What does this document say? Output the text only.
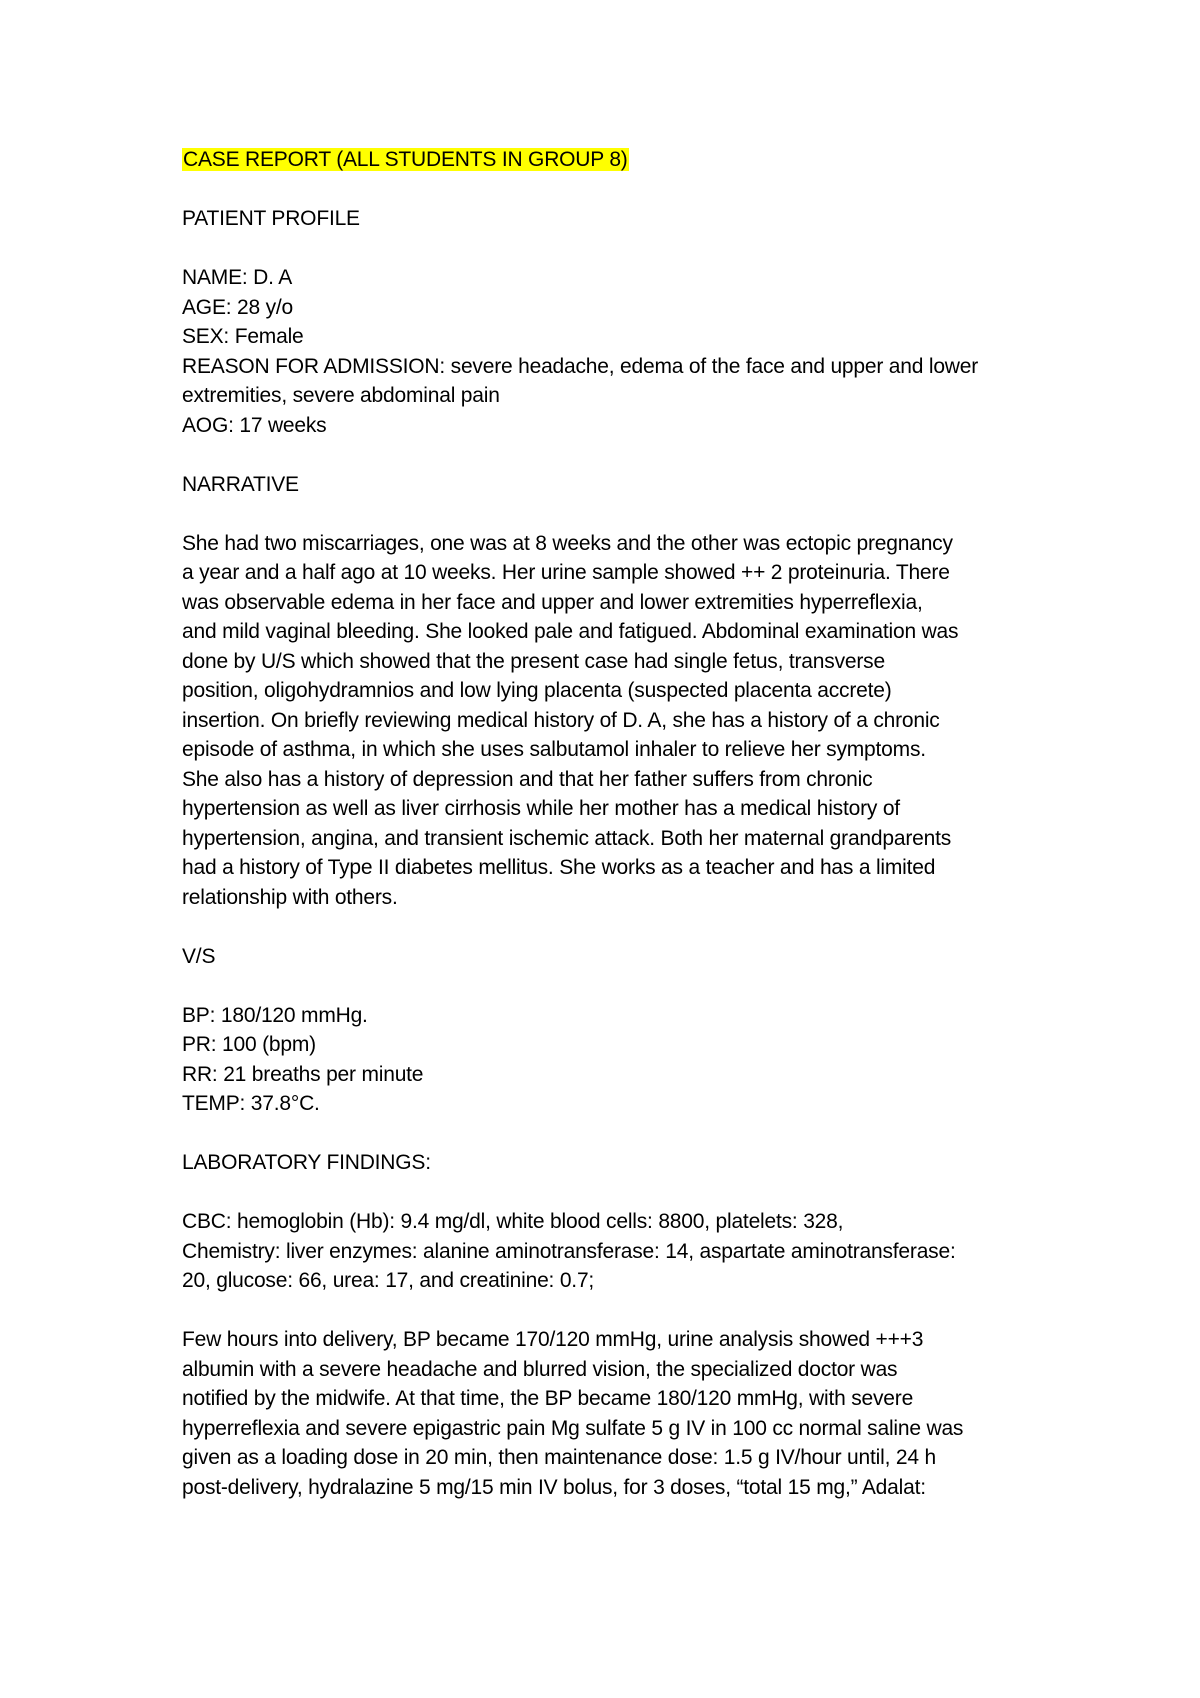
CASE REPORT (ALL STUDENTS IN GROUP 8)
PATIENT PROFILE
NAME: D. A
AGE: 28 y/o
SEX: Female
REASON FOR ADMISSION: severe headache, edema of the face and upper and lower
extremities, severe abdominal pain
AOG: 17 weeks
NARRATIVE
She had two miscarriages, one was at 8 weeks and the other was ectopic pregnancy
a year and a half ago at 10 weeks. Her urine sample showed ++ 2 proteinuria. There
was observable edema in her face and upper and lower extremities hyperreflexia,
and mild vaginal bleeding. She looked pale and fatigued. Abdominal examination was
done by U/S which showed that the present case had single fetus, transverse
position, oligohydramnios and low lying placenta (suspected placenta accrete)
insertion. On briefly reviewing medical history of D. A, she has a history of a chronic
episode of asthma, in which she uses salbutamol inhaler to relieve her symptoms.
She also has a history of depression and that her father suffers from chronic
hypertension as well as liver cirrhosis while her mother has a medical history of
hypertension, angina, and transient ischemic attack. Both her maternal grandparents
had a history of Type II diabetes mellitus. She works as a teacher and has a limited
relationship with others.
V/S
BP: 180/120 mmHg.
PR: 100 (bpm)
RR: 21 breaths per minute
TEMP: 37.8°C.
LABORATORY FINDINGS:
CBC: hemoglobin (Hb): 9.4 mg/dl, white blood cells: 8800, platelets: 328,
Chemistry: liver enzymes: alanine aminotransferase: 14, aspartate aminotransferase:
20, glucose: 66, urea: 17, and creatinine: 0.7;
Few hours into delivery, BP became 170/120 mmHg, urine analysis showed +++3
albumin with a severe headache and blurred vision, the specialized doctor was
notified by the midwife. At that time, the BP became 180/120 mmHg, with severe
hyperreflexia and severe epigastric pain Mg sulfate 5 g IV in 100 cc normal saline was
given as a loading dose in 20 min, then maintenance dose: 1.5 g IV/hour until, 24 h
post-delivery, hydralazine 5 mg/15 min IV bolus, for 3 doses, “total 15 mg,” Adalat:
